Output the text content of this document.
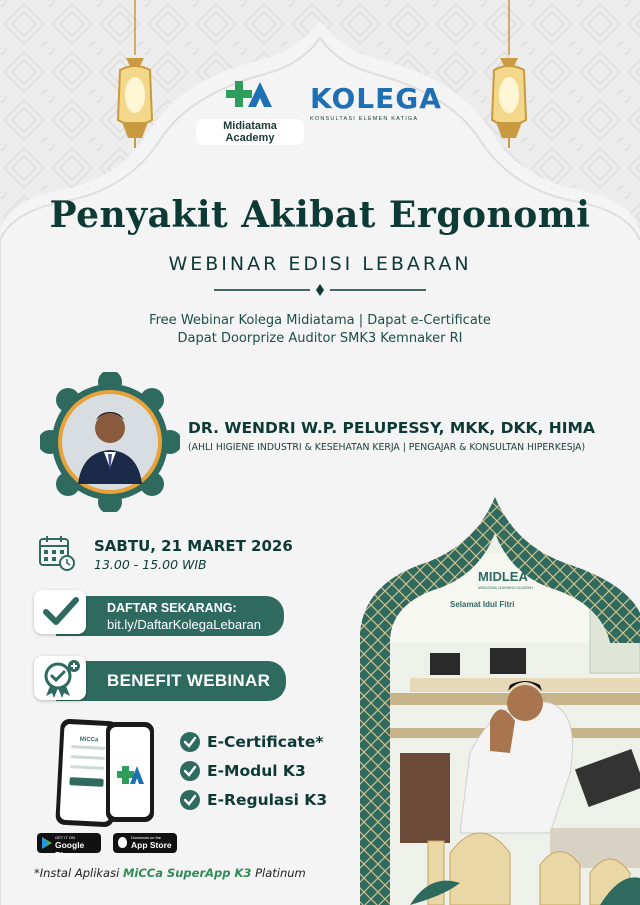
Midiatama Academy
KOLEGA
KONSULTASI ELEMEN KATIGA
Penyakit Akibat Ergonomi
WEBINAR EDISI LEBARAN
Free Webinar Kolega Midiatama | Dapat e-Certificate
Dapat Doorprize Auditor SMK3 Kemnaker RI
DR. WENDRI W.P. PELUPESSY, MKK, DKK, HIMA
(AHLI HIGIENE INDUSTRI & KESEHATAN KERJA | PENGAJAR & KONSULTAN HIPERKESJA)
MIDLEA
MIDIATAMA LEARNING ACADEMY
Selamat Idul Fitri
SABTU, 21 MARET 2026
13.00 - 15.00 WIB
DAFTAR SEKARANG:
bit.ly/DaftarKolegaLebaran
BENEFIT WEBINAR
MiCCa
GET IT ON
Google Play
Download on the
App Store
E-Certificate*
E-Modul K3
E-Regulasi K3
*Instal Aplikasi MiCCa SuperApp K3 Platinum
